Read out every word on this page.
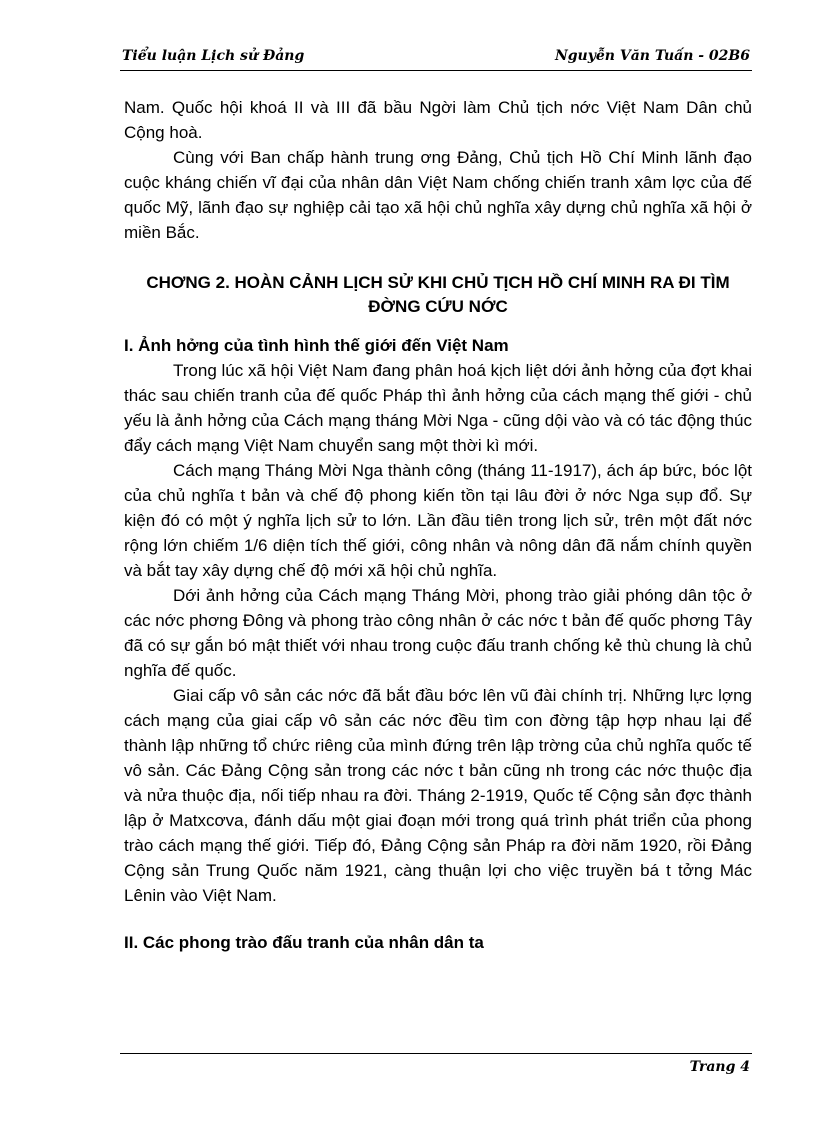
Tiểu luận Lịch sử Đảng	Nguyễn Văn Tuấn - 02B6

Nam. Quốc hội khoá II và III đã bầu Ngời làm Chủ tịch nớc Việt Nam Dân chủ Cộng hoà.

Cùng với Ban chấp hành trung ơng Đảng, Chủ tịch Hồ Chí Minh lãnh đạo cuộc kháng chiến vĩ đại của nhân dân Việt Nam chống chiến tranh xâm lợc của đế quốc Mỹ, lãnh đạo sự nghiệp cải tạo xã hội chủ nghĩa xây dựng chủ nghĩa xã hội ở miền Bắc.

CHƠNG 2. HOÀN CẢNH LỊCH SỬ KHI CHỦ TỊCH HỒ CHÍ MINH RA ĐI TÌM ĐỜNG CỨU NỚC
I. Ảnh hởng của tình hình thế giới đến Việt Nam

Trong lúc xã hội Việt Nam đang phân hoá kịch liệt dới ảnh hởng của đợt khai thác sau chiến tranh của đế quốc Pháp thì ảnh hởng của cách mạng thế giới - chủ yếu là ảnh hởng của Cách mạng tháng Mời Nga - cũng dội vào và có tác động thúc đẩy cách mạng Việt Nam chuyển sang một thời kì mới.

Cách mạng Tháng Mời Nga thành công (tháng 11-1917), ách áp bức, bóc lột của chủ nghĩa t bản và chế độ phong kiến tồn tại lâu đời ở nớc Nga sụp đổ. Sự kiện đó có một ý nghĩa lịch sử to lớn. Lần đầu tiên trong lịch sử, trên một đất nớc rộng lớn chiếm 1/6 diện tích thế giới, công nhân và nông dân đã nắm chính quyền và bắt tay xây dựng chế độ mới xã hội chủ nghĩa.

Dới ảnh hởng của Cách mạng Tháng Mời, phong trào giải phóng dân tộc ở các nớc phơng Đông và phong trào công nhân ở các nớc t bản đế quốc phơng Tây đã có sự gắn bó mật thiết với nhau trong cuộc đấu tranh chống kẻ thù chung là chủ nghĩa đế quốc.

Giai cấp vô sản các nớc đã bắt đầu bớc lên vũ đài chính trị. Những lực lợng cách mạng của giai cấp vô sản các nớc đều tìm con đờng tập hợp nhau lại để thành lập những tổ chức riêng của mình đứng trên lập trờng của chủ nghĩa quốc tế vô sản. Các Đảng Cộng sản trong các nớc t bản cũng nh trong các nớc thuộc địa và nửa thuộc địa, nối tiếp nhau ra đời. Tháng 2-1919, Quốc tế Cộng sản đợc thành lập ở Matxcơva, đánh dấu một giai đoạn mới trong quá trình phát triển của phong trào cách mạng thế giới. Tiếp đó, Đảng Cộng sản Pháp ra đời năm 1920, rồi Đảng Cộng sản Trung Quốc năm 1921, càng thuận lợi cho việc truyền bá t tởng Mác Lênin vào Việt Nam.

II. Các phong trào đấu tranh của nhân dân ta
Trang 4
